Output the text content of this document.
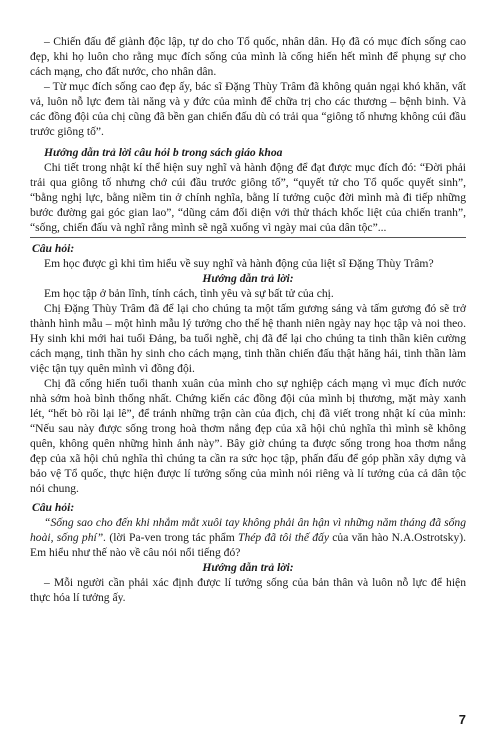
– Chiến đấu để giành độc lập, tự do cho Tổ quốc, nhân dân. Họ đã có mục đích sống cao đẹp, khi họ luôn cho rằng mục đích sống của mình là cống hiến hết mình để phụng sự cho cách mạng, cho đất nước, cho nhân dân.

– Từ mục đích sống cao đẹp ấy, bác sĩ Đặng Thùy Trâm đã không quản ngại khó khăn, vất vả, luôn nỗ lực đem tài năng và y đức của mình để chữa trị cho các thương – bệnh binh. Và các đồng đội của chị cũng đã bền gan chiến đấu dù có trải qua “giông tố nhưng không cúi đầu trước giông tố”.

Hướng dẫn trả lời câu hỏi b trong sách giáo khoa

Chi tiết trong nhật kí thể hiện suy nghĩ và hành động để đạt được mục đích đó: “Đời phải trải qua giông tố nhưng chớ cúi đầu trước giông tố”, “quyết tử cho Tổ quốc quyết sinh”, “bằng nghị lực, bằng niềm tin ở chính nghĩa, bằng lí tưởng cuộc đời mình mà đi tiếp những bước đường gai góc gian lao”, “dũng cảm đối diện với thử thách khốc liệt của chiến tranh”, “sống, chiến đấu và nghĩ rằng mình sẽ ngã xuống vì ngày mai của dân tộc”...

Câu hỏi:

Em học được gì khi tìm hiểu về suy nghĩ và hành động của liệt sĩ Đặng Thùy Trâm?

Hướng dẫn trả lời:

Em học tập ở bản lĩnh, tính cách, tình yêu và sự bất tử của chị.

Chị Đặng Thùy Trâm đã để lại cho chúng ta một tấm gương sáng và tấm gương đó sẽ trở thành hình mẫu – một hình mẫu lý tưởng cho thế hệ thanh niên ngày nay học tập và noi theo. Hy sinh khi mới hai tuổi Đảng, ba tuổi nghề, chị đã để lại cho chúng ta tinh thần kiên cường cách mạng, tinh thần hy sinh cho cách mạng, tinh thần chiến đấu thật hăng hái, tinh thần làm việc tận tụy quên mình vì đồng đội.

Chị đã cống hiến tuổi thanh xuân của mình cho sự nghiệp cách mạng vì mục đích nước nhà sớm hoà bình thống nhất. Chứng kiến các đồng đội của mình bị thương, mặt mày xanh lét, “hết bò rồi lại lê”, để tránh những trận càn của địch, chị đã viết trong nhật kí của mình: “Nếu sau này được sống trong hoà thơm nắng đẹp của xã hội chủ nghĩa thì mình sẽ không quên, không quên những hình ảnh này”. Bây giờ chúng ta được sống trong hoa thơm nắng đẹp của xã hội chủ nghĩa thì chúng ta cần ra sức học tập, phấn đấu để góp phần xây dựng và bảo vệ Tổ quốc, thực hiện được lí tưởng sống của mình nói riêng và lí tưởng của cả dân tộc nói chung.

Câu hỏi:

“Sống sao cho đến khi nhắm mắt xuôi tay không phải ân hận vì những năm tháng đã sống hoài, sống phí”. (lời Pa-ven trong tác phẩm Thép đã tôi thế đấy của văn hào N.A.Ostrotsky). Em hiểu như thế nào về câu nói nổi tiếng đó?

Hướng dẫn trả lời:

– Mỗi người cần phải xác định được lí tưởng sống của bản thân và luôn nỗ lực để hiện thực hóa lí tưởng ấy.

7
